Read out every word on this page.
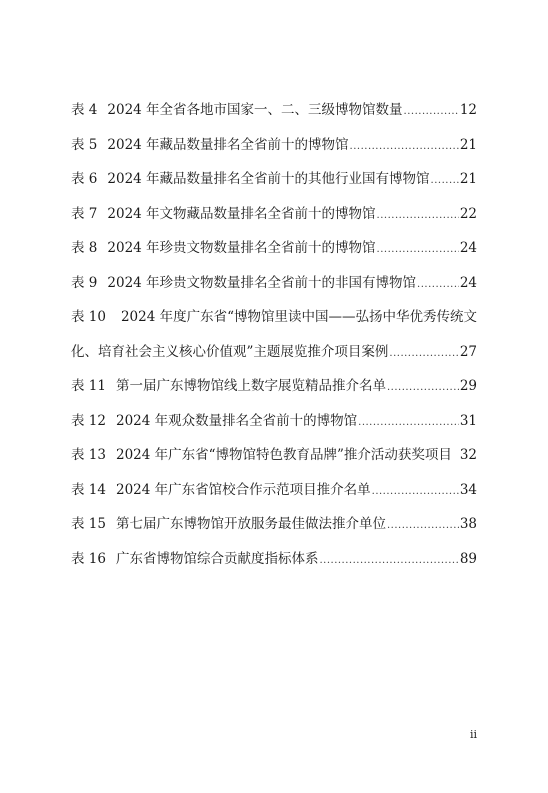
表 4 2024 年全省各地市国家一、二、三级博物馆数量 .....	12
表 5 2024 年藏品数量排名全省前十的博物馆 .....	21
表 6 2024 年藏品数量排名全省前十的其他行业国有博物馆 ..... 21
表 7 2024 年文物藏品数量排名全省前十的博物馆 .....	22
表 8 2024 年珍贵文物数量排名全省前十的博物馆 .....	24
表 9 2024 年珍贵文物数量排名全省前十的非国有博物馆 .....	24
表 10 2024 年度广东省“博物馆里读中国——弘扬中华优秀传统文
化、培育社会主义核心价值观”主题展览推介项目案例 .....	27
表 11 第一届广东博物馆线上数字展览精品推介名单 .....	29
表 12 2024 年观众数量排名全省前十的博物馆 .....	31
表 13 2024 年广东省“博物馆特色教育品牌”推介活动获奖项目 32
表 14 2024 年广东省馆校合作示范项目推介名单 .....	34
表 15 第七届广东博物馆开放服务最佳做法推介单位 .....	38
表 16 广东省博物馆综合贡献度指标体系 .....	89
ii
